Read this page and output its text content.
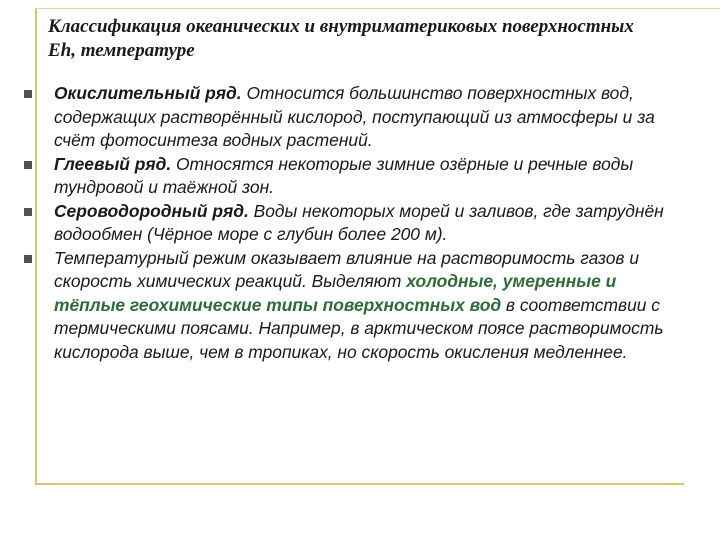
Классификация океанических и внутриматериковых поверхностных
Eh, температуре
Окислительный ряд. Относится большинство поверхностных вод, содержащих растворённый кислород, поступающий из атмосферы и за счёт фотосинтеза водных растений.
Глеевый ряд. Относятся некоторые зимние озёрные и речные воды тундровой и таёжной зон.
Сероводородный ряд. Воды некоторых морей и заливов, где затруднён водообмен (Чёрное море с глубин более 200 м).
Температурный режим оказывает влияние на растворимость газов и скорость химических реакций. Выделяют холодные, умеренные и тёплые геохимические типы поверхностных вод в соответствии с термическими поясами. Например, в арктическом поясе растворимость кислорода выше, чем в тропиках, но скорость окисления медленнее.
